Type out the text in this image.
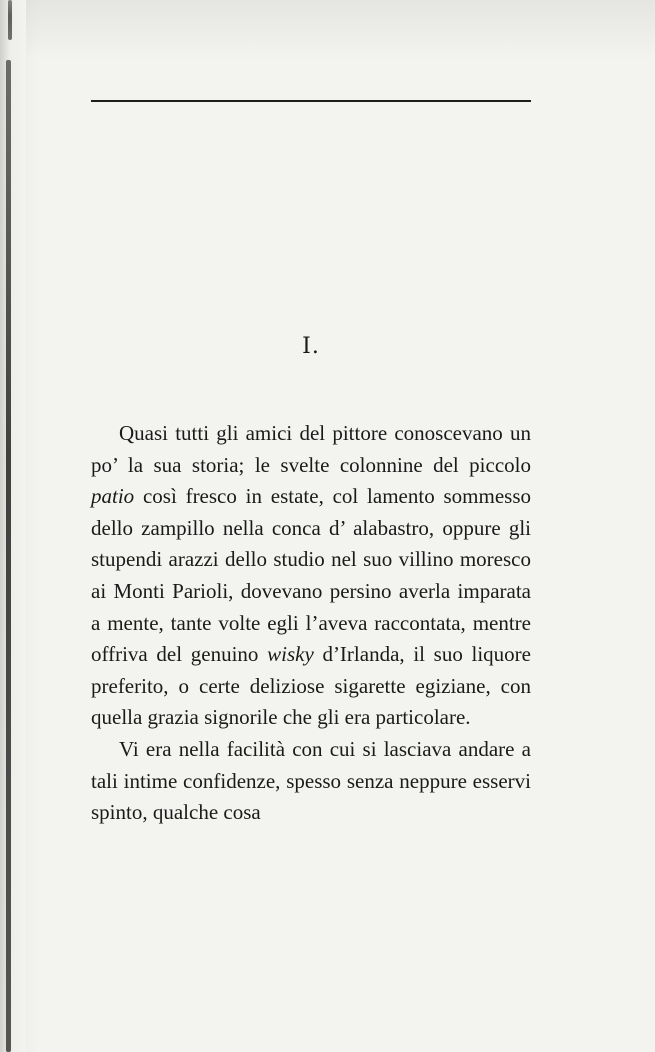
I.

Quasi tutti gli amici del pittore conoscevano un po’ la sua storia; le svelte colonnine del piccolo patio così fresco in estate, col lamento sommesso dello zampillo nella conca d’ alabastro, oppure gli stupendi arazzi dello studio nel suo villino moresco ai Monti Parioli, dovevano persino averla imparata a mente, tante volte egli l’aveva raccontata, mentre offriva del genuino wisky d’Irlanda, il suo liquore preferito, o certe deliziose sigarette egiziane, con quella grazia signorile che gli era particolare.

Vi era nella facilità con cui si lasciava andare a tali intime confidenze, spesso senza neppure esservi spinto, qualche cosa
